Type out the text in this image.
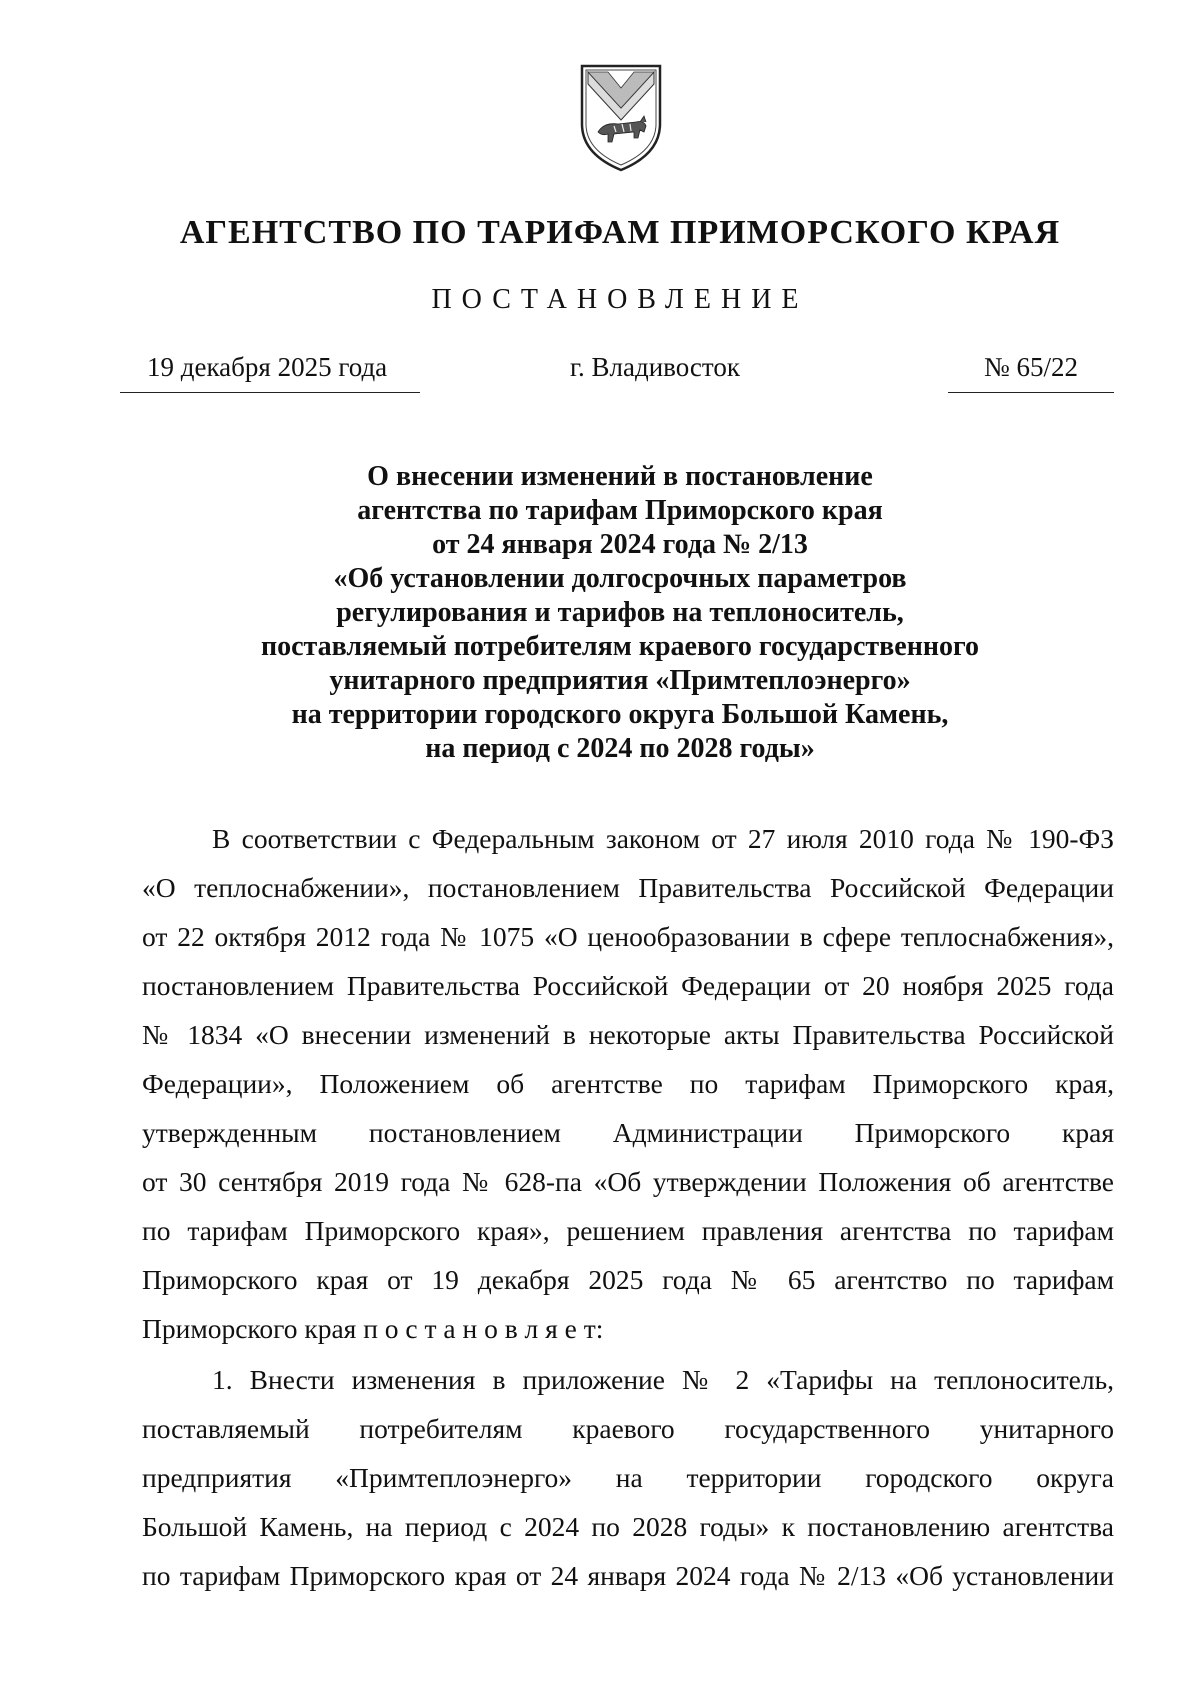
АГЕНТСТВО ПО ТАРИФАМ ПРИМОРСКОГО КРАЯ
ПОСТАНОВЛЕНИЕ
19 декабря 2025 года	г. Владивосток	№ 65/22
О внесении изменений в постановление
агентства по тарифам Приморского края
от 24 января 2024 года № 2/13
«Об установлении долгосрочных параметров
регулирования и тарифов на теплоноситель,
поставляемый потребителям краевого государственного
унитарного предприятия «Примтеплоэнерго»
на территории городского округа Большой Камень,
на период с 2024 по 2028 годы»
В соответствии с Федеральным законом от 27 июля 2010 года № 190-ФЗ
«О теплоснабжении», постановлением Правительства Российской Федерации
от 22 октября 2012 года № 1075 «О ценообразовании в сфере теплоснабжения»,
постановлением Правительства Российской Федерации от 20 ноября 2025 года
№ 1834 «О внесении изменений в некоторые акты Правительства Российской
Федерации», Положением об агентстве по тарифам Приморского края,
утвержденным постановлением Администрации Приморского края
от 30 сентября 2019 года № 628-па «Об утверждении Положения об агентстве
по тарифам Приморского края», решением правления агентства по тарифам
Приморского края от 19 декабря 2025 года № 65 агентство по тарифам
Приморского края п о с т а н о в л я е т:
1. Внести изменения в приложение № 2 «Тарифы на теплоноситель,
поставляемый потребителям краевого государственного унитарного
предприятия «Примтеплоэнерго» на территории городского округа
Большой Камень, на период с 2024 по 2028 годы» к постановлению агентства
по тарифам Приморского края от 24 января 2024 года № 2/13 «Об установлении
